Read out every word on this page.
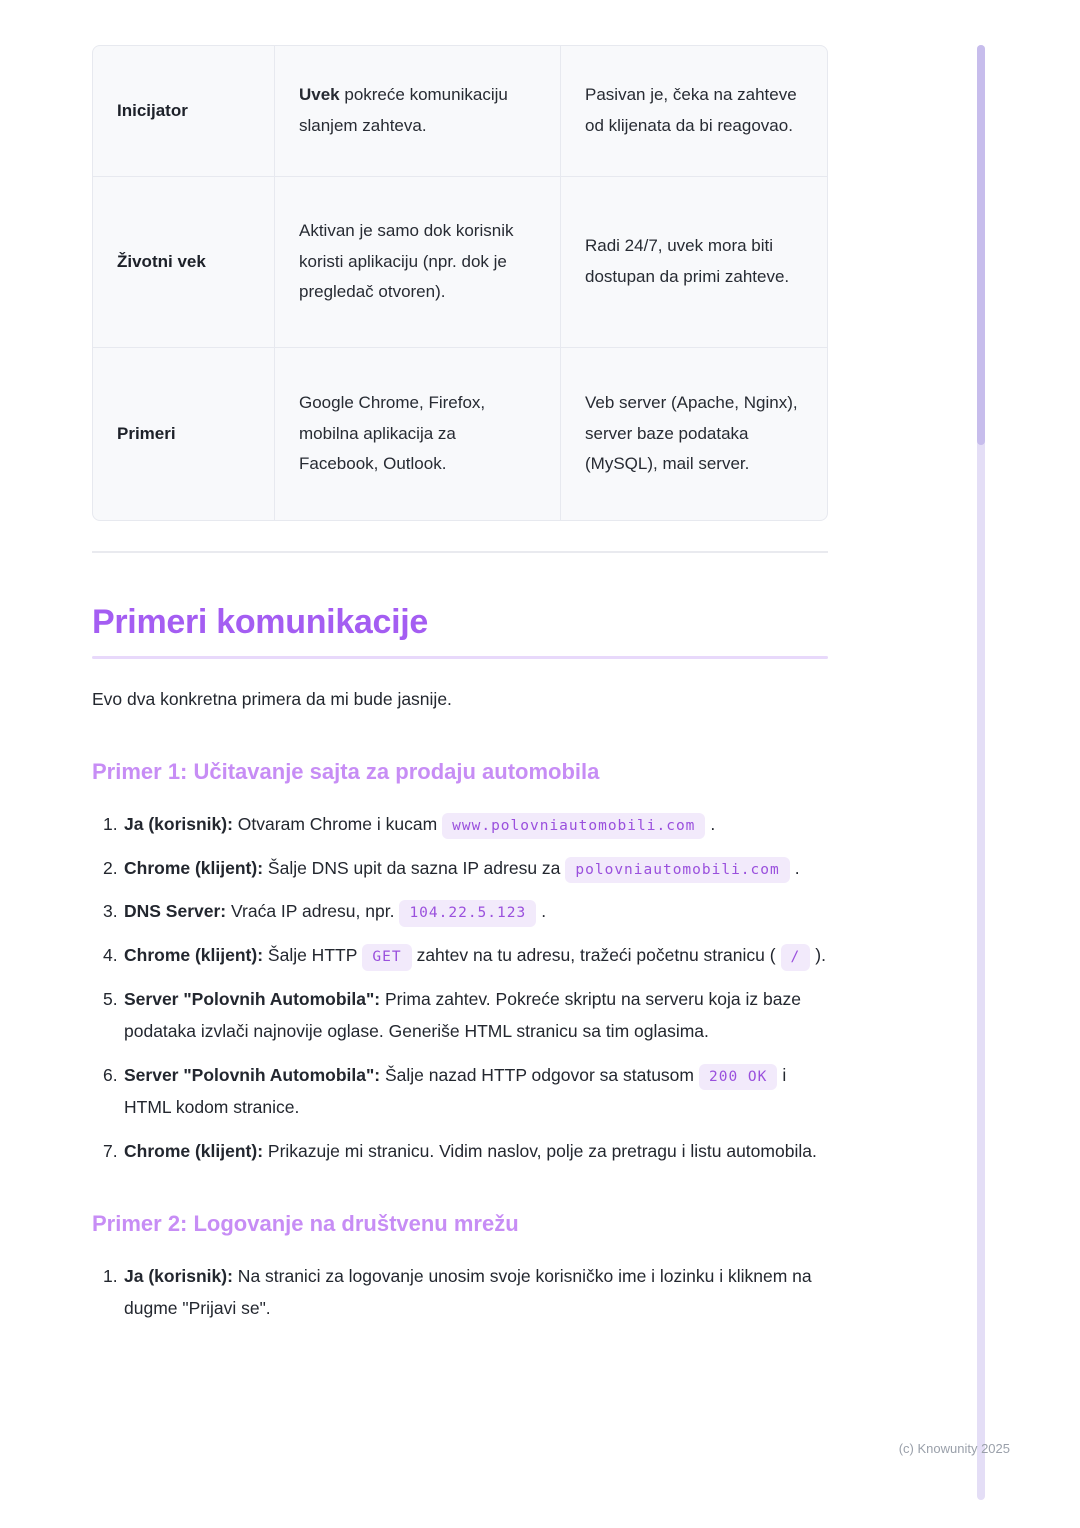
Inicijator
Uvek pokreće komunikaciju slanjem zahteva.
Pasivan je, čeka na zahteve od klijenata da bi reagovao.
Životni vek
Aktivan je samo dok korisnik koristi aplikaciju (npr. dok je pregledač otvoren).
Radi 24/7, uvek mora biti dostupan da primi zahteve.
Primeri
Google Chrome, Firefox, mobilna aplikacija za Facebook, Outlook.
Veb server (Apache, Nginx), server baze podataka (MySQL), mail server.
Primeri komunikacije

Evo dva konkretna primera da mi bude jasnije.

Primer 1: Učitavanje sajta za prodaju automobila
1. Ja (korisnik): Otvaram Chrome i kucam www.polovniautomobili.com .
2. Chrome (klijent): Šalje DNS upit da sazna IP adresu za polovniautomobili.com .
3. DNS Server: Vraća IP adresu, npr. 104.22.5.123 .
4. Chrome (klijent): Šalje HTTP GET zahtev na tu adresu, tražeći početnu stranicu ( / ).
5. Server "Polovnih Automobila": Prima zahtev. Pokreće skriptu na serveru koja iz baze podataka izvlači najnovije oglase. Generiše HTML stranicu sa tim oglasima.
6. Server "Polovnih Automobila": Šalje nazad HTTP odgovor sa statusom 200 OK i HTML kodom stranice.
7. Chrome (klijent): Prikazuje mi stranicu. Vidim naslov, polje za pretragu i listu automobila.
Primer 2: Logovanje na društvenu mrežu
1. Ja (korisnik): Na stranici za logovanje unosim svoje korisničko ime i lozinku i kliknem na dugme "Prijavi se".
(c) Knowunity 2025
